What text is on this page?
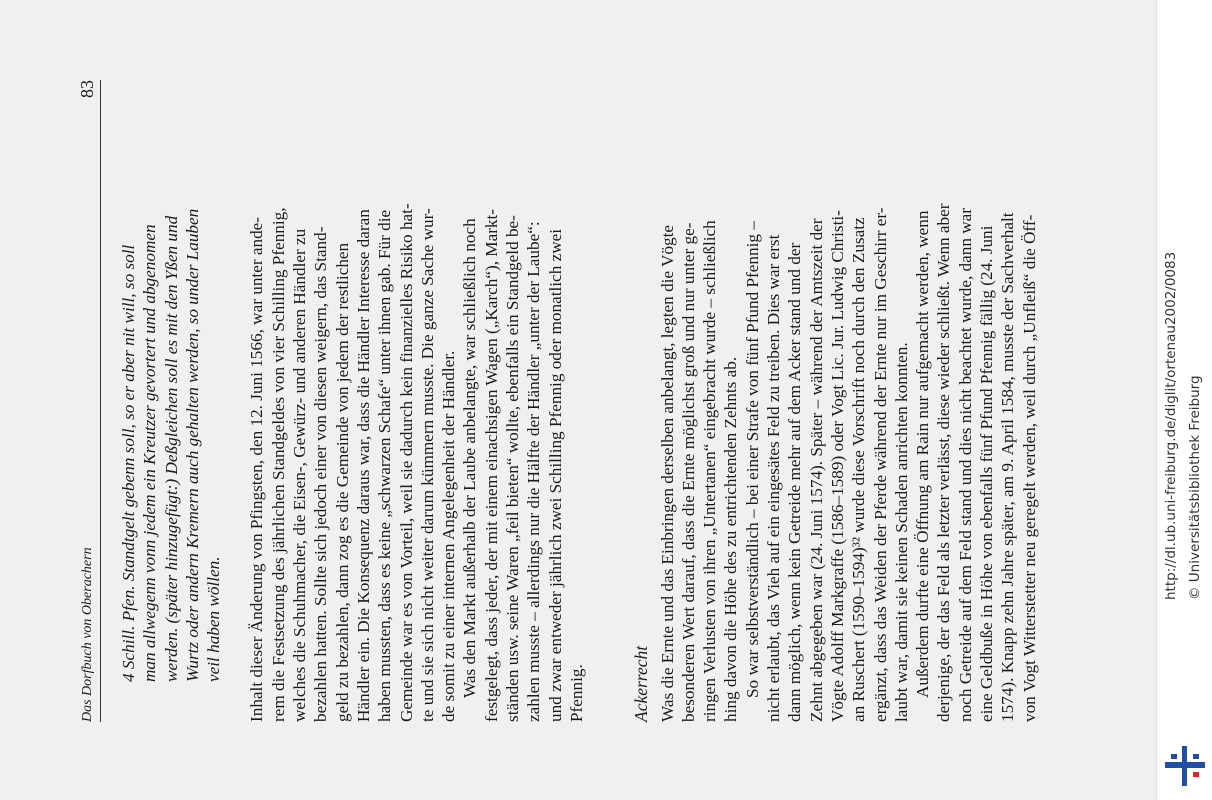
Das Dorfbuch von Oberachern
83

4 Schill. Pfen. Standtgelt gebenn soll, so er aber nit will, so soll man allwegenn vonn jedem ein Kreutzer gevortert und abgenomen werden. (später hinzugefügt:) Deßgleichen soll es mit den Yßen und Wurtz oder andern Kremern auch gehalten werden, so under Lauben veil haben wöllen. Inhalt dieser Änderung von Pfingsten, den 12. Juni 1566, war unter ande- rem die Festsetzung des jährlichen Standgeldes von vier Schilling Pfennig, welches die Schuhmacher, die Eisen-, Gewürz- und anderen Händler zu bezahlen hatten. Sollte sich jedoch einer von diesen weigern, das Stand- geld zu bezahlen, dann zog es die Gemeinde von jedem der restlichen Händler ein. Die Konsequenz daraus war, dass die Händler Interesse daran haben mussten, dass es keine „schwarzen Schafe“ unter ihnen gab. Für die Gemeinde war es von Vorteil, weil sie dadurch kein finanzielles Risiko hat- te und sie sich nicht weiter darum kümmern musste. Die ganze Sache wur- de somit zu einer internen Angelegenheit der Händler. Was den Markt außerhalb der Laube anbelangte, war schließlich noch festgelegt, dass jeder, der mit einem einachsigen Wagen („Karch“), Markt- ständen usw. seine Waren „feil bieten“ wollte, ebenfalls ein Standgeld be- zahlen musste – allerdings nur die Hälfte der Händler „unter der Laube“: und zwar entweder jährlich zwei Schilling Pfennig oder monatlich zwei Pfennig.	Ackerrecht Was die Ernte und das Einbringen derselben anbelangt, legten die Vögte besonderen Wert darauf, dass die Ernte möglichst groß und nur unter ge- ringen Verlusten von ihren „Untertanen“ eingebracht wurde – schließlich hing davon die Höhe des zu entrichtenden Zehnts ab. So war selbstverständlich – bei einer Strafe von fünf Pfund Pfennig – nicht erlaubt, das Vieh auf ein eingesätes Feld zu treiben. Dies war erst dann möglich, wenn kein Getreide mehr auf dem Acker stand und der Zehnt abgegeben war (24. Juni 1574). Später – während der Amtszeit der Vögte Adolff Markgraffe (1586–1589) oder Vogt Lic. Jur. Ludwig Christi- an Ruschert (1590–1594)³² wurde diese Vorschrift noch durch den Zusatz ergänzt, dass das Weiden der Pferde während der Ernte nur im Geschirr er- laubt war, damit sie keinen Schaden anrichten konnten. Außerdem durfte eine Öffnung am Rain nur aufgemacht werden, wenn derjenige, der das Feld als letzter verlässt, diese wieder schließt. Wenn aber noch Getreide auf dem Feld stand und dies nicht beachtet wurde, dann war eine Geldbuße in Höhe von ebenfalls fünf Pfund Pfennig fällig (24. Juni 1574). Knapp zehn Jahre später, am 9. April 1584, musste der Sachverhalt von Vogt Witterstetter neu geregelt werden, weil durch „Unfleiß“ die Öff-	http://dl.ub.uni-freiburg.de/diglit/ortenau2002/0083 © Universitätsbibliothek Freiburg
